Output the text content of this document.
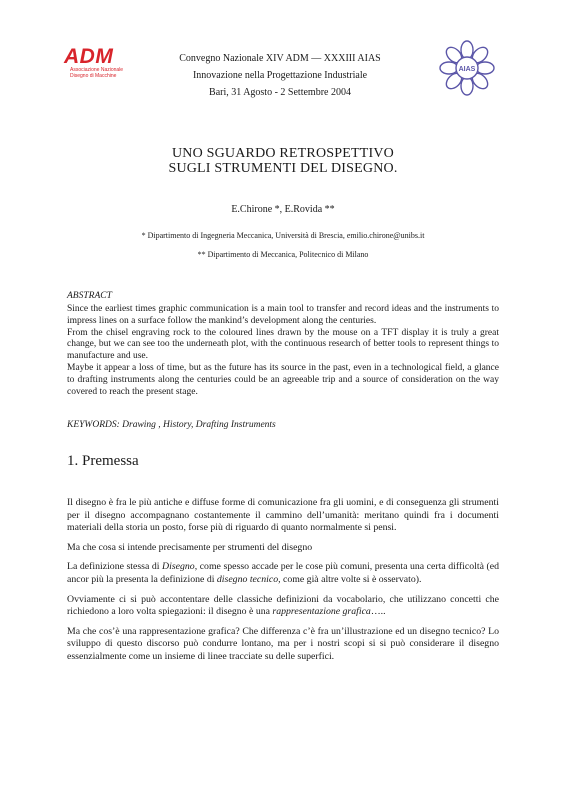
ADM
Associazione Nazionale
Disegno di Macchine
Convegno Nazionale XIV ADM — XXXIII AIAS
Innovazione nella Progettazione Industriale
Bari, 31 Agosto - 2 Settembre 2004
AIAS
UNO SGUARDO RETROSPETTIVO
SUGLI STRUMENTI DEL DISEGNO.
E.Chirone *, E.Rovida **
* Dipartimento di Ingegneria Meccanica, Università di Brescia, emilio.chirone@unibs.it
** Dipartimento di Meccanica, Politecnico di Milano
ABSTRACT

Since the earliest times graphic communication is a main tool to transfer and record ideas and the instruments to impress lines on a surface follow the mankind’s development along the centuries.

From the chisel engraving rock to the coloured lines drawn by the mouse on a TFT display it is truly a great change, but we can see too the underneath plot, with the continuous research of better tools to represent things to manufacture and use.

Maybe it appear a loss of time, but as the future has its source in the past, even in a technological field, a glance to drafting instruments along the centuries could be an agreeable trip and a source of consideration on the way covered to reach the present stage.

KEYWORDS: Drawing , History, Drafting Instruments
1. Premessa

Il disegno è fra le più antiche e diffuse forme di comunicazione fra gli uomini, e di conseguenza gli strumenti per il disegno accompagnano costantemente il cammino dell’umanità: meritano quindi fra i documenti materiali della storia un posto, forse più di riguardo di quanto normalmente si pensi.

Ma che cosa si intende precisamente per strumenti del disegno

La definizione stessa di Disegno, come spesso accade per le cose più comuni, presenta una certa difficoltà (ed ancor più la presenta la definizione di disegno tecnico, come già altre volte si è osservato).

Ovviamente ci si può accontentare delle classiche definizioni da vocabolario, che utilizzano concetti che richiedono a loro volta spiegazioni: il disegno è una rappresentazione grafica…..

Ma che cos’è una rappresentazione grafica? Che differenza c’è fra un’illustrazione ed un disegno tecnico? Lo sviluppo di questo discorso può condurre lontano, ma per i nostri scopi si si può considerare il disegno essenzialmente come un insieme di linee tracciate su delle superfici.
